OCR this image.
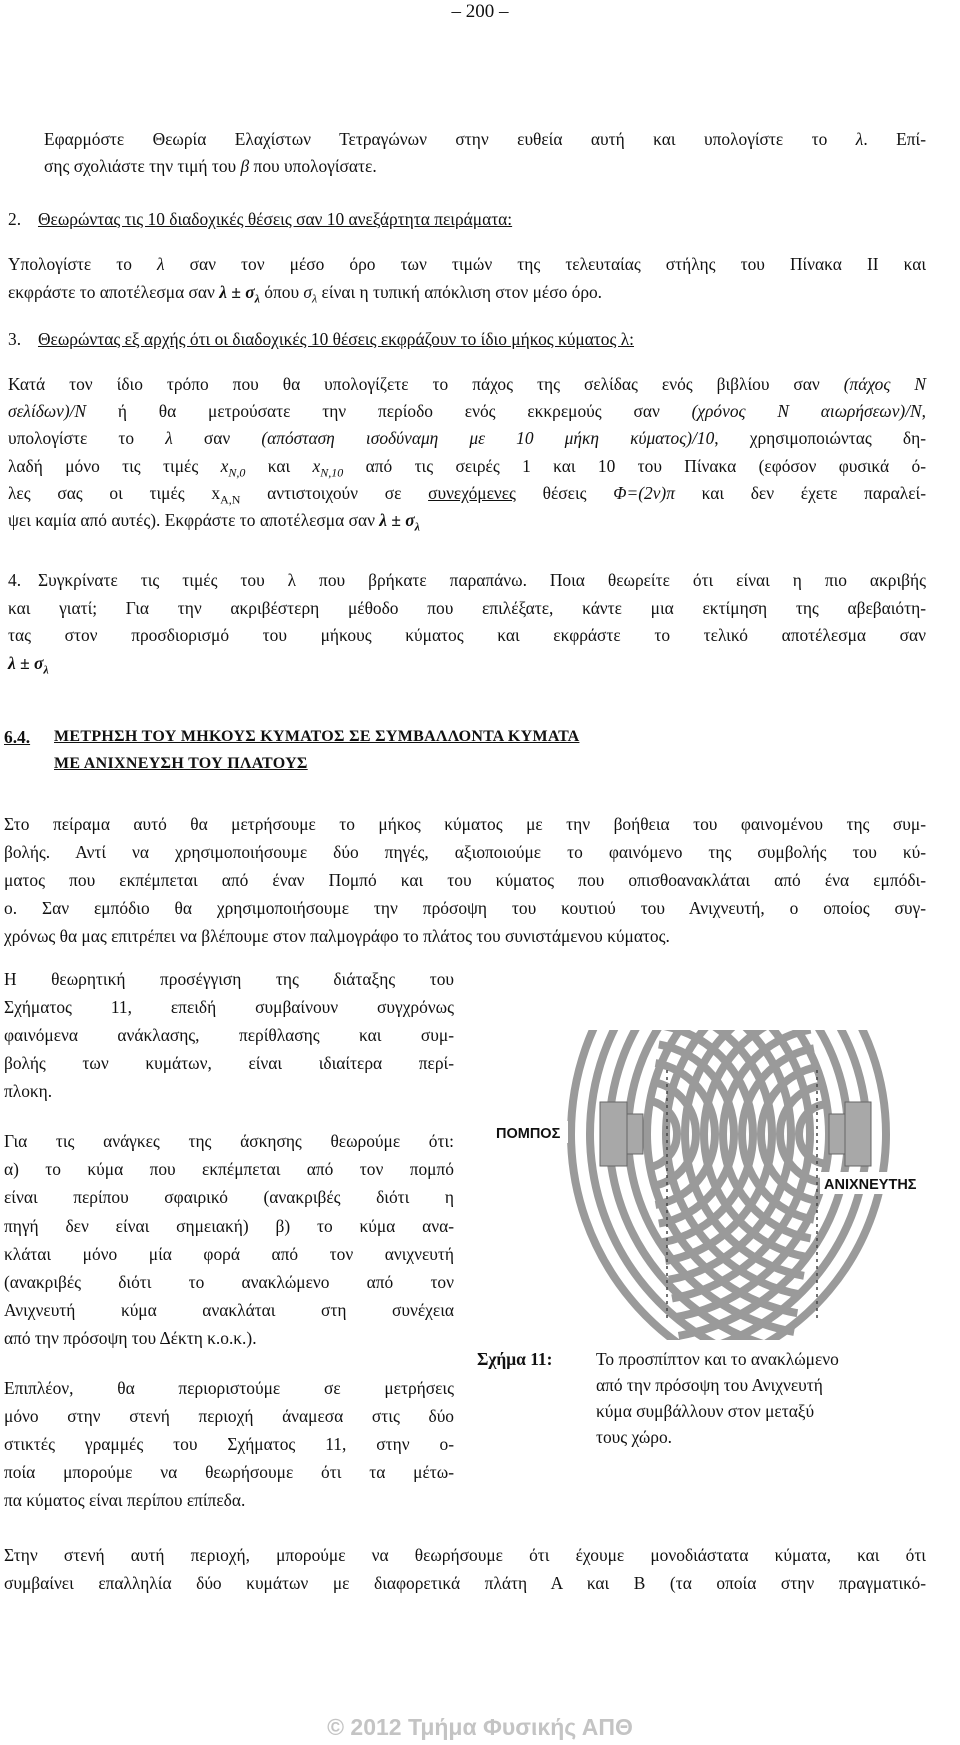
– 200 –
Εφαρμόστε Θεωρία Ελαχίστων Τετραγώνων στην ευθεία αυτή και υπολογίστε το λ. Επί-
σης σχολιάστε την τιμή του β που υπολογίσατε.
2. Θεωρώντας τις 10 διαδοχικές θέσεις σαν 10 ανεξάρτητα πειράματα:
Υπολογίστε το λ σαν τον μέσο όρο των τιμών της τελευταίας στήλης του Πίνακα ΙΙ και
εκφράστε το αποτέλεσμα σαν $\lambda \pm \sigma_\lambda$ όπου $\sigma_\lambda$ είναι η τυπική απόκλιση στον μέσο όρο.
3. Θεωρώντας εξ αρχής ότι οι διαδοχικές 10 θέσεις εκφράζουν το ίδιο μήκος κύματος λ:
Κατά τον ίδιο τρόπο που θα υπολογίζετε το πάχος της σελίδας ενός βιβλίου σαν (πάχος N
σελίδων)/N ή θα μετρούσατε την περίοδο ενός εκκρεμούς σαν (χρόνος N αιωρήσεων)/N,
υπολογίστε το λ σαν (απόσταση ισοδύναμη με 10 μήκη κύματος)/10, χρησιμοποιώντας δη-
λαδή μόνο τις τιμές $x_{N,0}$ και $x_{N,10}$ από τις σειρές 1 και 10 του Πίνακα (εφόσον φυσικά ό-
λες σας οι τιμές $x_{A,N}$ αντιστοιχούν σε συνεχόμενες θέσεις Φ=(2ν)π και δεν έχετε παραλεί-
ψει καμία από αυτές). Εκφράστε το αποτέλεσμα σαν $\lambda \pm \sigma_\lambda$
4. Συγκρίνατε τις τιμές του λ που βρήκατε παραπάνω. Ποια θεωρείτε ότι είναι η πιο ακριβής
και γιατί; Για την ακριβέστερη μέθοδο που επιλέξατε, κάντε μια εκτίμηση της αβεβαιότη-
τας στον προσδιορισμό του μήκους κύματος και εκφράστε το τελικό αποτέλεσμα σαν
$\lambda \pm \sigma_\lambda$
6.4. ΜΕΤΡΗΣΗ ΤΟΥ ΜΗΚΟΥΣ ΚΥΜΑΤΟΣ ΣΕ ΣΥΜΒΑΛΛΟΝΤΑ ΚΥΜΑΤΑ
ΜΕ ΑΝΙΧΝΕΥΣΗ ΤΟΥ ΠΛΑΤΟΥΣ
Στο πείραμα αυτό θα μετρήσουμε το μήκος κύματος με την βοήθεια του φαινομένου της συμ-
βολής. Αντί να χρησιμοποιήσουμε δύο πηγές, αξιοποιούμε το φαινόμενο της συμβολής του κύ-
ματος που εκπέμπεται από έναν Πομπό και του κύματος που οπισθοανακλάται από ένα εμπόδι-
ο. Σαν εμπόδιο θα χρησιμοποιήσουμε την πρόσοψη του κουτιού του Ανιχνευτή, ο οποίος συγ-
χρόνως θα μας επιτρέπει να βλέπουμε στον παλμογράφο το πλάτος του συνιστάμενου κύματος.
Η θεωρητική προσέγγιση της διάταξης του
Σχήματος 11, επειδή συμβαίνουν συγχρόνως
φαινόμενα ανάκλασης, περίθλασης και συμ-
βολής των κυμάτων, είναι ιδιαίτερα περί-
πλοκη.
Για τις ανάγκες της άσκησης θεωρούμε ότι:
α) το κύμα που εκπέμπεται από τον πομπό
είναι περίπου σφαιρικό (ανακριβές διότι η
πηγή δεν είναι σημειακή) β) το κύμα ανα-
κλάται μόνο μία φορά από τον ανιχνευτή
(ανακριβές διότι το ανακλώμενο από τον
Ανιχνευτή κύμα ανακλάται στη συνέχεια
από την πρόσοψη του Δέκτη κ.ο.κ.).
Επιπλέον, θα περιοριστούμε σε μετρήσεις
μόνο στην στενή περιοχή άναμεσα στις δύο
στικτές γραμμές του Σχήματος 11, στην ο-
ποία μπορούμε να θεωρήσουμε ότι τα μέτω-
πα κύματος είναι περίπου επίπεδα.
ΠΟΜΠΟΣ
ΑΝΙΧΝΕΥΤΗΣ
Σχήμα 11:	Το προσπίπτον και το ανακλώμενο
από την πρόσοψη του Ανιχνευτή
κύμα συμβάλλουν στον μεταξύ
τους χώρο.
Στην στενή αυτή περιοχή, μπορούμε να θεωρήσουμε ότι έχουμε μονοδιάστατα κύματα, και ότι
συμβαίνει επαλληλία δύο κυμάτων με διαφορετικά πλάτη Α και Β (τα οποία στην πραγματικό-
© 2012 Τμήμα Φυσικής ΑΠΘ
